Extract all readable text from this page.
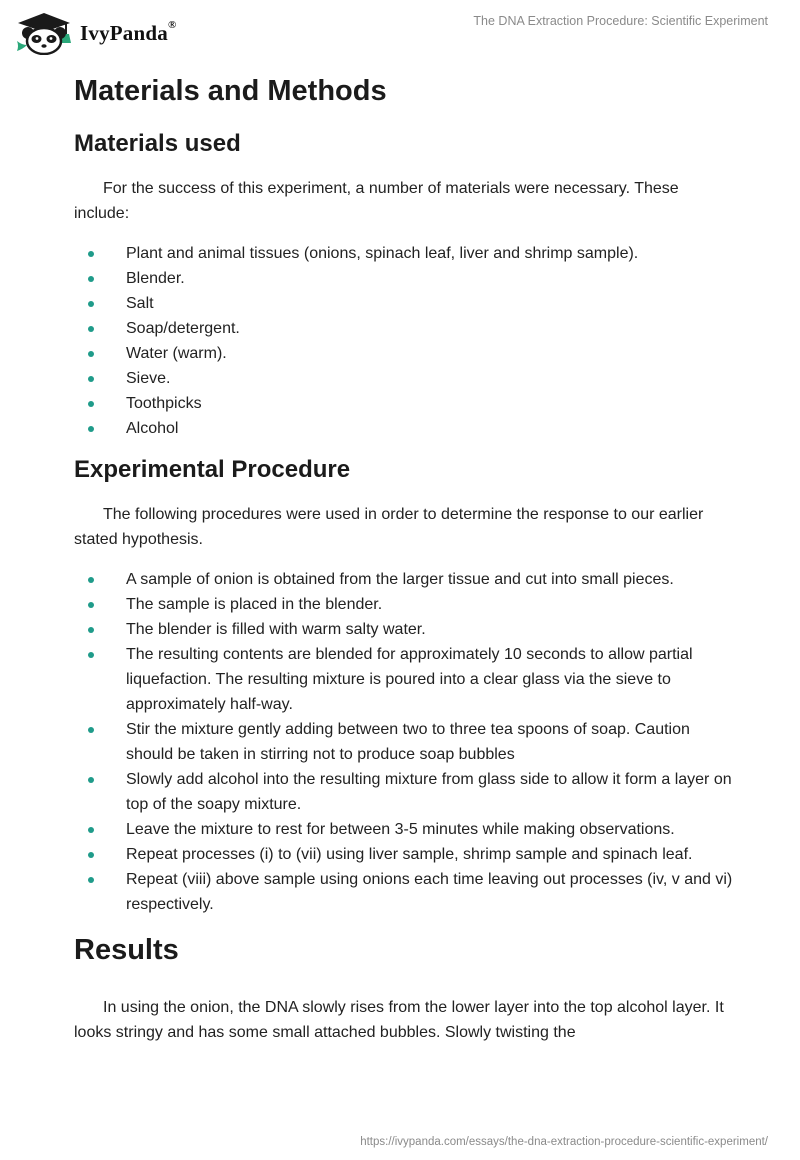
IvyPanda®	The DNA Extraction Procedure: Scientific Experiment
Materials and Methods
Materials used

For the success of this experiment, a number of materials were necessary. These include:

Plant and animal tissues (onions, spinach leaf, liver and shrimp sample).
Blender.
Salt
Soap/detergent.
Water (warm).
Sieve.
Toothpicks
Alcohol
Experimental Procedure

The following procedures were used in order to determine the response to our earlier stated hypothesis.

A sample of onion is obtained from the larger tissue and cut into small pieces.
The sample is placed in the blender.
The blender is filled with warm salty water.
The resulting contents are blended for approximately 10 seconds to allow partial liquefaction. The resulting mixture is poured into a clear glass via the sieve to approximately half-way.
Stir the mixture gently adding between two to three tea spoons of soap. Caution should be taken in stirring not to produce soap bubbles
Slowly add alcohol into the resulting mixture from glass side to allow it form a layer on top of the soapy mixture.
Leave the mixture to rest for between 3-5 minutes while making observations.
Repeat processes (i) to (vii) using liver sample, shrimp sample and spinach leaf.
Repeat (viii) above sample using onions each time leaving out processes (iv, v and vi) respectively.
Results

In using the onion, the DNA slowly rises from the lower layer into the top alcohol layer. It looks stringy and has some small attached bubbles. Slowly twisting the

https://ivypanda.com/essays/the-dna-extraction-procedure-scientific-experiment/
